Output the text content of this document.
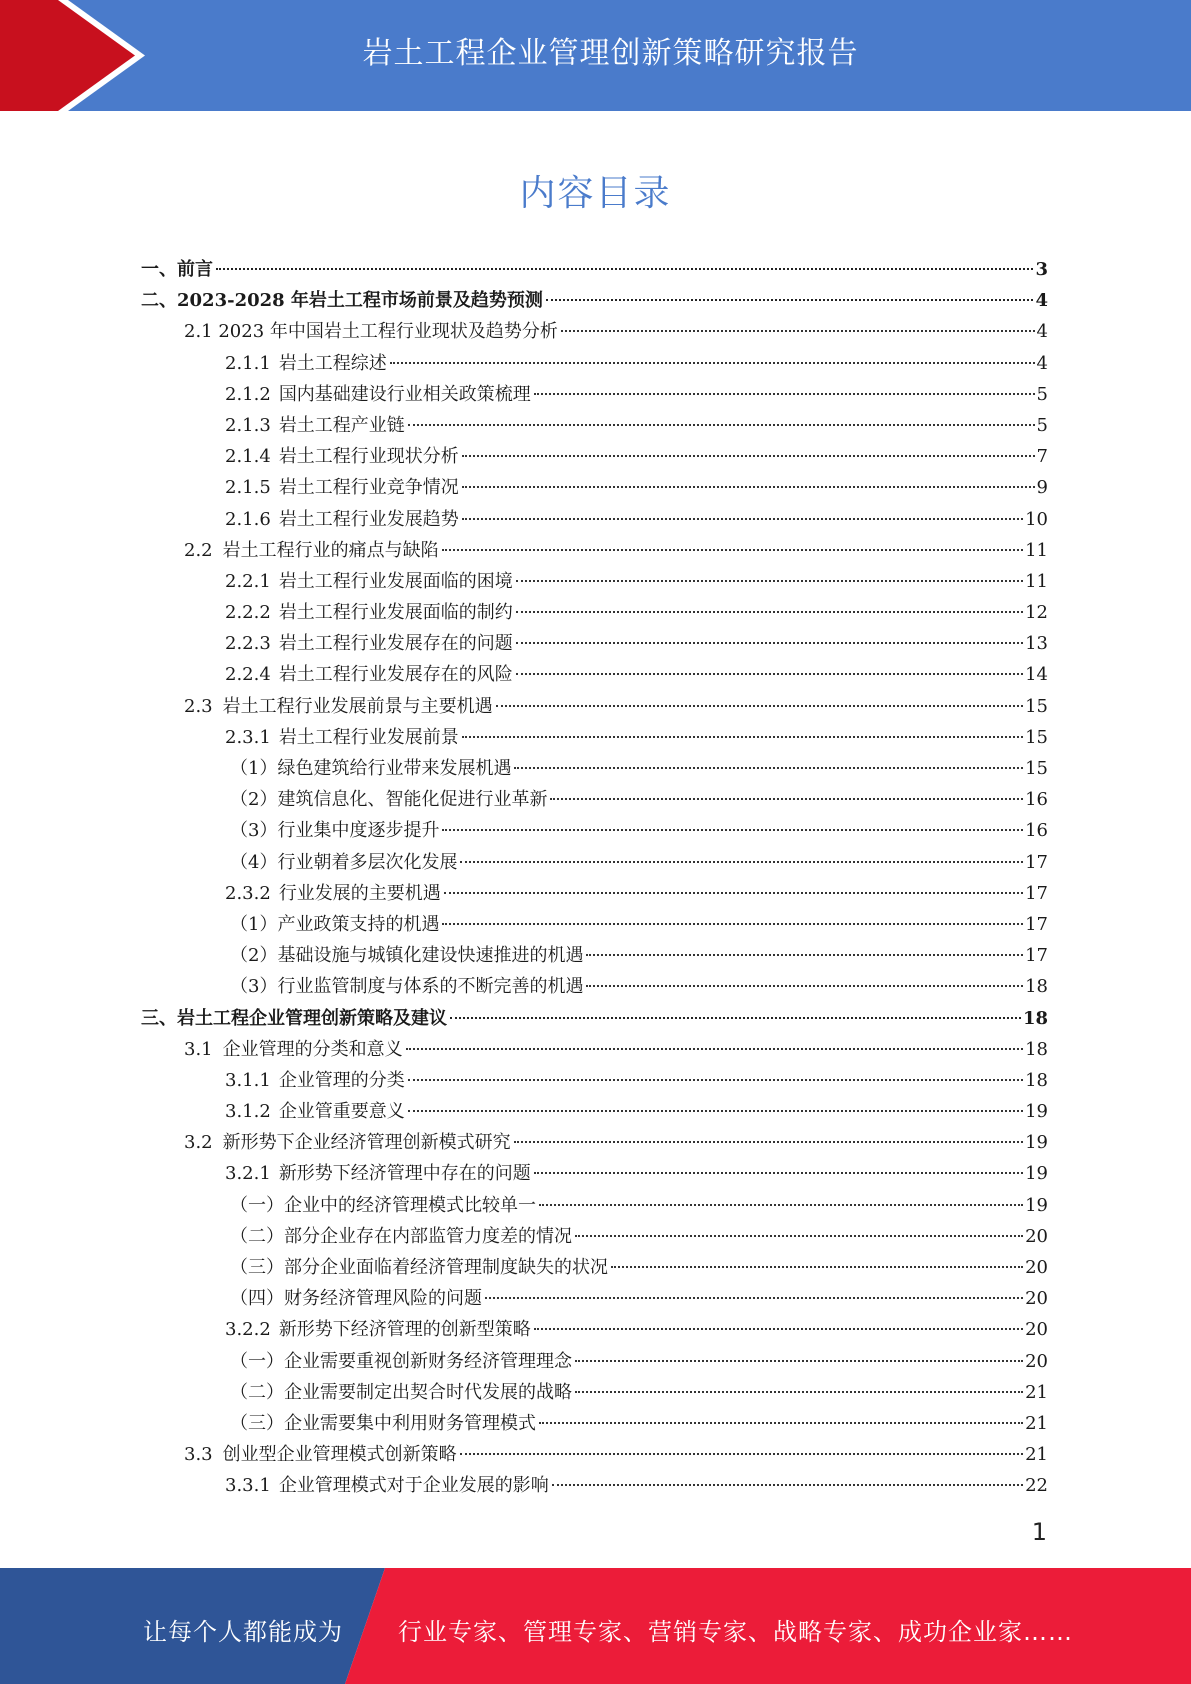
岩土工程企业管理创新策略研究报告
内容目录
一、前言	3
二、2023-2028 年岩土工程市场前景及趋势预测	4
2.1 2023 年中国岩土工程行业现状及趋势分析	4
2.1.1 岩土工程综述	4
2.1.2 国内基础建设行业相关政策梳理	5
2.1.3 岩土工程产业链	5
2.1.4 岩土工程行业现状分析	7
2.1.5 岩土工程行业竞争情况	9
2.1.6 岩土工程行业发展趋势	10
2.2 岩土工程行业的痛点与缺陷	11
2.2.1 岩土工程行业发展面临的困境	11
2.2.2 岩土工程行业发展面临的制约	12
2.2.3 岩土工程行业发展存在的问题	13
2.2.4 岩土工程行业发展存在的风险	14
2.3 岩土工程行业发展前景与主要机遇	15
2.3.1 岩土工程行业发展前景	15
（1）绿色建筑给行业带来发展机遇	15
（2）建筑信息化、智能化促进行业革新	16
（3）行业集中度逐步提升	16
（4）行业朝着多层次化发展	17
2.3.2 行业发展的主要机遇	17
（1）产业政策支持的机遇	17
（2）基础设施与城镇化建设快速推进的机遇	17
（3）行业监管制度与体系的不断完善的机遇	18
三、岩土工程企业管理创新策略及建议	18
3.1 企业管理的分类和意义	18
3.1.1 企业管理的分类	18
3.1.2 企业管重要意义	19
3.2 新形势下企业经济管理创新模式研究	19
3.2.1 新形势下经济管理中存在的问题	19
（一）企业中的经济管理模式比较单一	19
（二）部分企业存在内部监管力度差的情况	20
（三）部分企业面临着经济管理制度缺失的状况	20
（四）财务经济管理风险的问题	20
3.2.2 新形势下经济管理的创新型策略	20
（一）企业需要重视创新财务经济管理理念	20
（二）企业需要制定出契合时代发展的战略	21
（三）企业需要集中利用财务管理模式	21
3.3 创业型企业管理模式创新策略	21
3.3.1 企业管理模式对于企业发展的影响	22
1
让每个人都能成为 行业专家、管理专家、营销专家、战略专家、成功企业家……
